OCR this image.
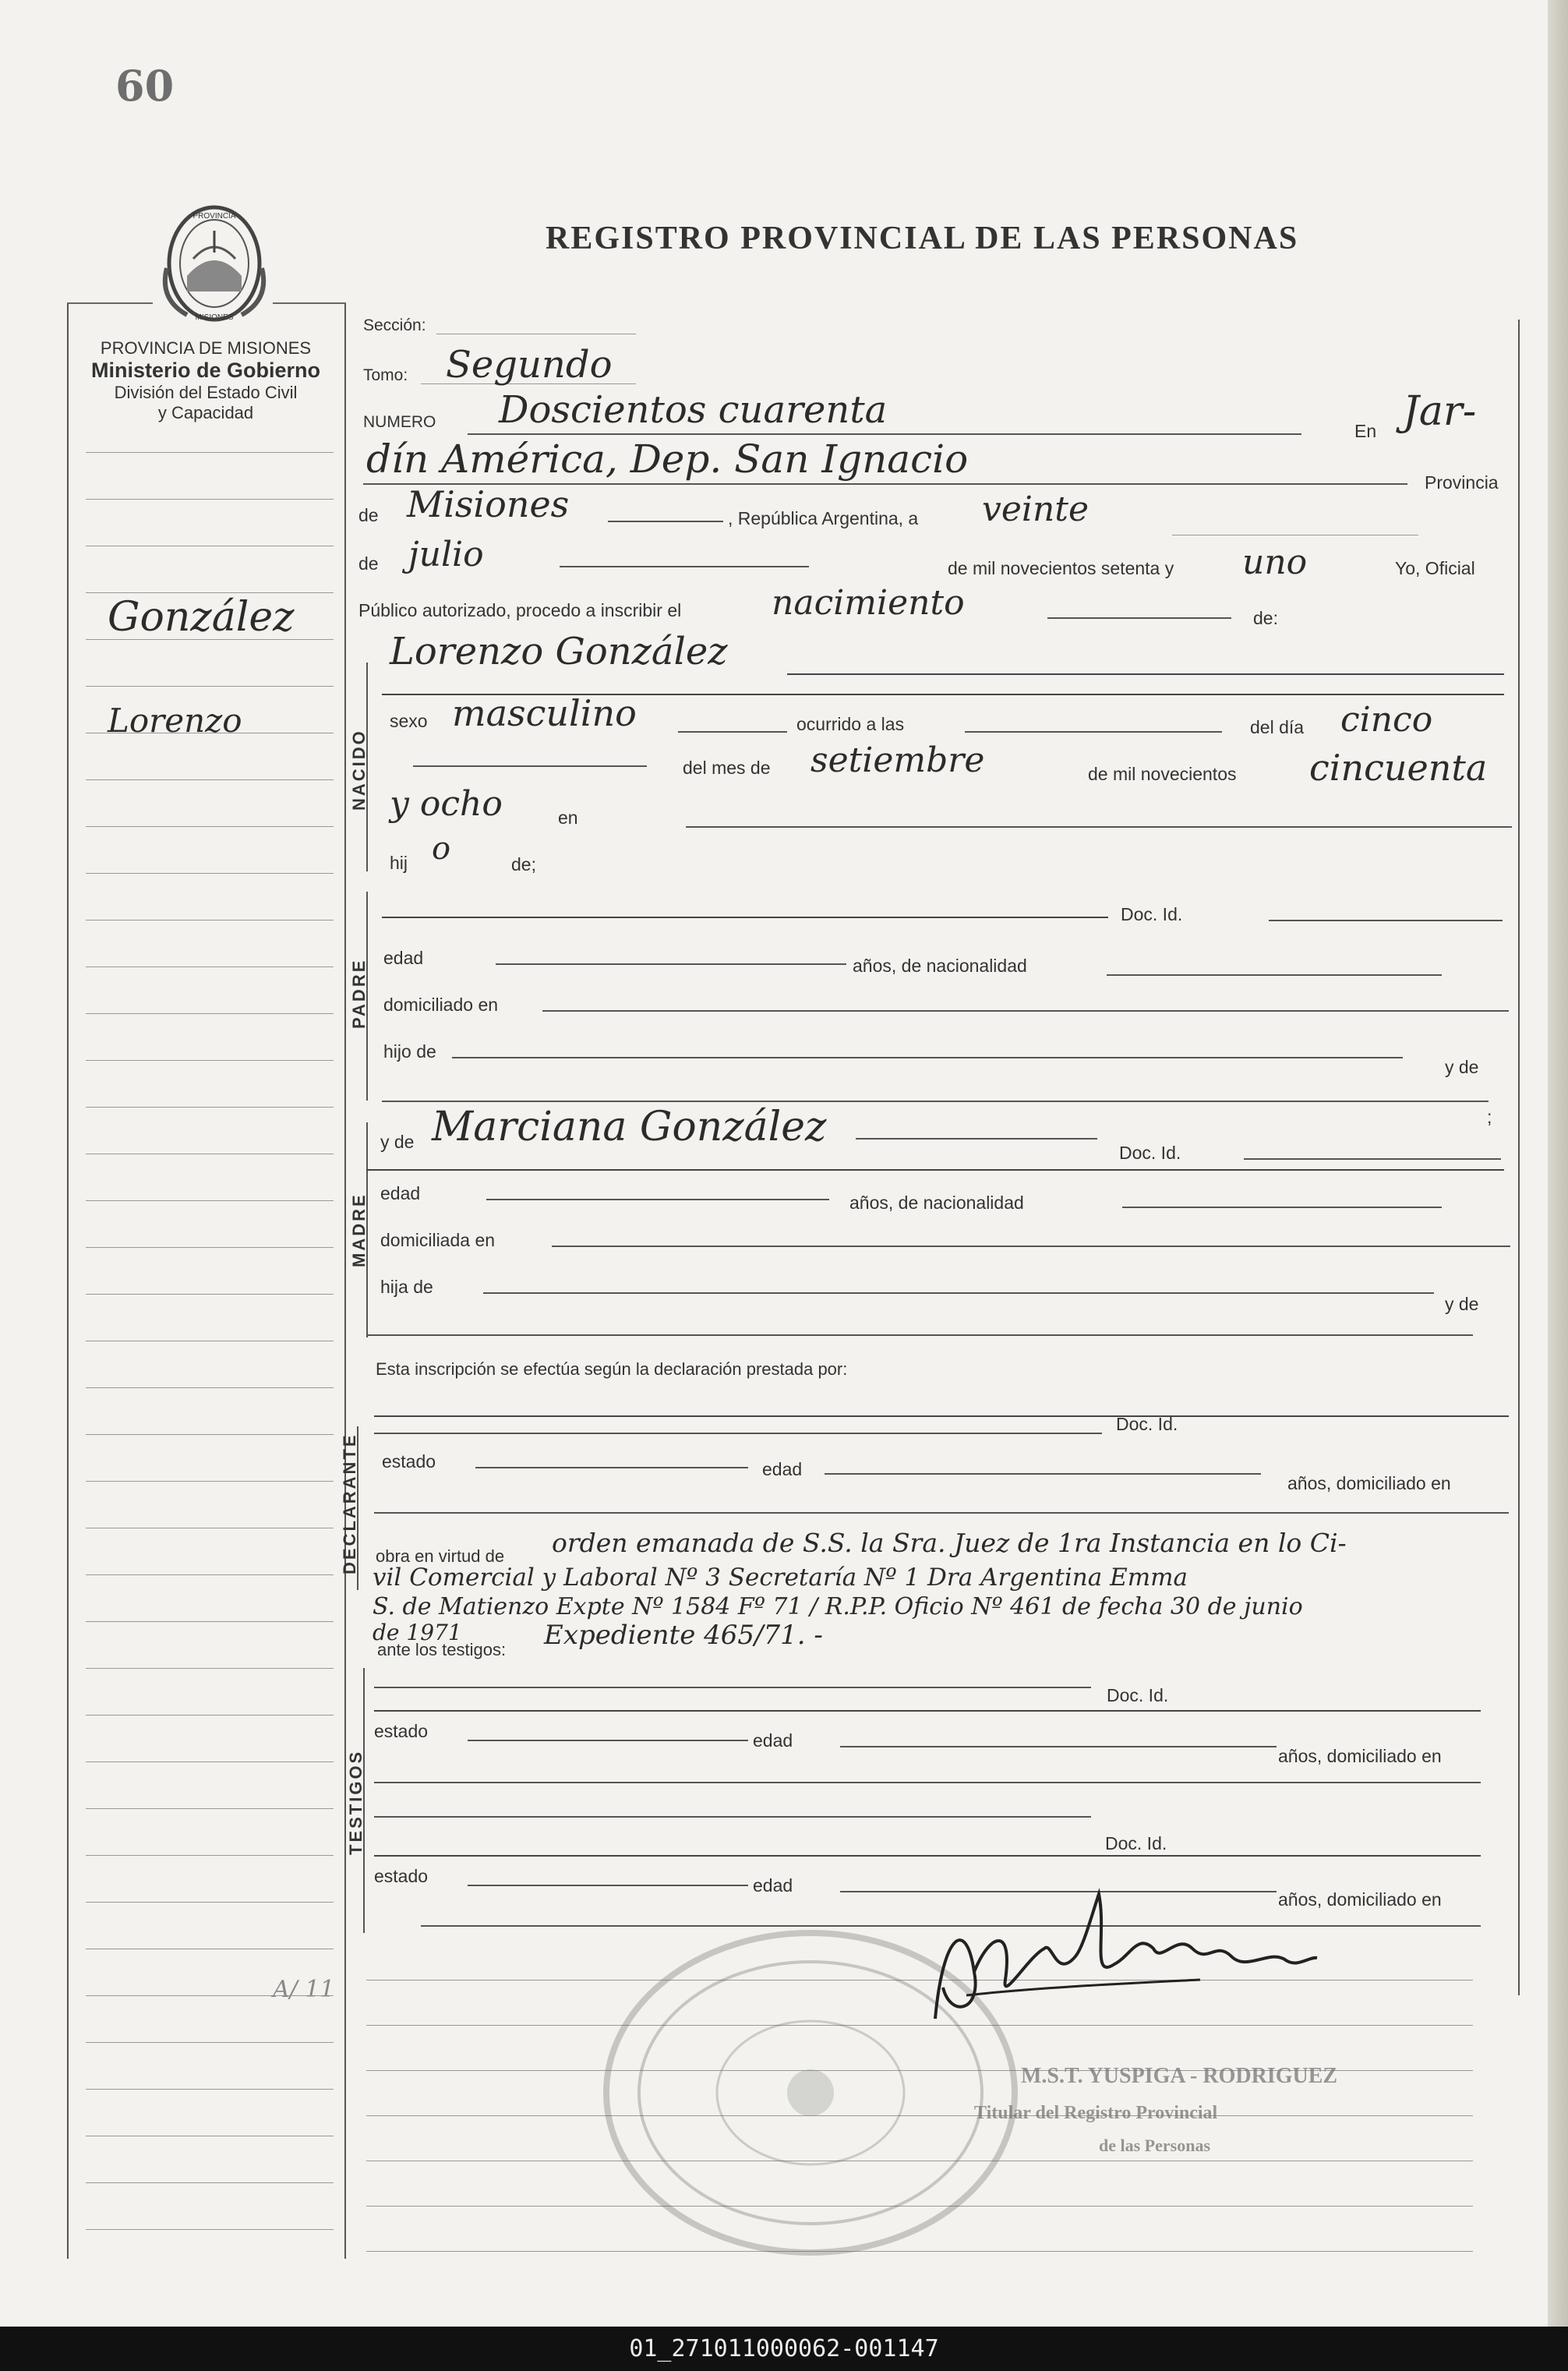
60
REGISTRO PROVINCIAL DE LAS PERSONAS
PROVINCIA
MISIONES
PROVINCIA DE MISIONES
Ministerio de Gobierno
División del Estado Civil
y Capacidad
González
Lorenzo
A/ 11
Sección:
Tomo: Segundo
NUMERO Doscientos cuarenta	En Jar-
dín América, Dep. San Ignacio
Provincia
de Misiones	, República Argentina, a veinte
de julio	de mil novecientos setenta y uno	Yo, Oficial
Público autorizado, procedo a inscribir el	nacimiento	de:
NACIDO
Lorenzo González
sexo masculino	ocurrido a las	del día cinco
del mes de setiembre	de mil novecientos cincuenta
y ocho	en
hij o	de;
PADRE
Doc. Id.
edad	años, de nacionalidad
domiciliado en
hijo de
y de
;
MADRE
y de Marciana González
Doc. Id.
edad	años, de nacionalidad
domiciliada en
hija de
y de
Esta inscripción se efectúa según la declaración prestada por:
DECLARANTE
Doc. Id.
estado	edad
años, domiciliado en
obra en virtud de orden emanada de S.S. la Sra. Juez de 1ra Instancia en lo Ci-
vil Comercial y Laboral Nº 3 Secretaría Nº 1 Dra Argentina Emma
S. de Matienzo Expte Nº 1584 Fº 71 / R.P.P. Oficio Nº 461 de fecha 30 de junio
de 1971
ante los testigos: Expediente 465/71. -
TESTIGOS
Doc. Id.
estado	edad
años, domiciliado en
Doc. Id.
estado	edad
años, domiciliado en
M.S.T. YUSPIGA - RODRIGUEZ
Titular del Registro Provincial
de las Personas
01_271011000062-001147
